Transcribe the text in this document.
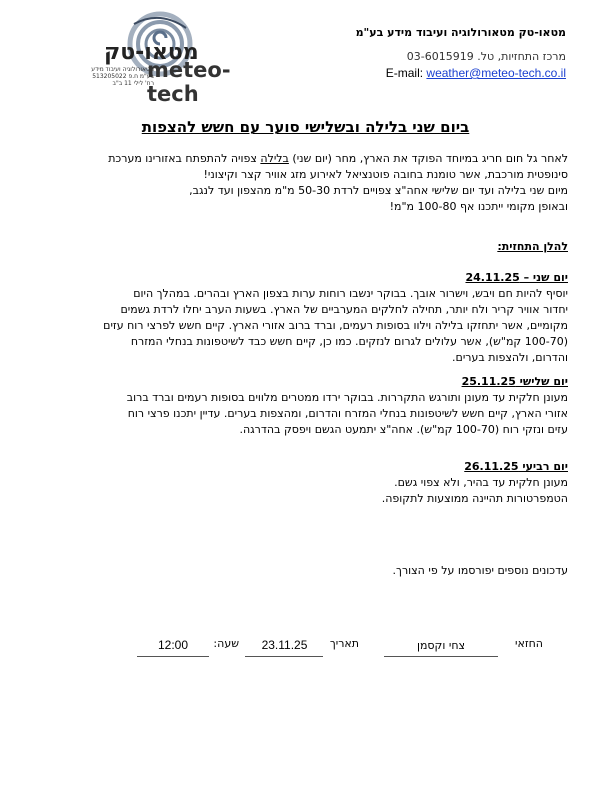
מטאו-טק
meteo-tech
מטאורולוגיה ועיבוד מידע בע"מ ח.פ 513205022 רח' לילי 11 ב"ב
מטאו-טק מטאורולוגיה ועיבוד מידע בע"מ
מרכז התחזיות, טל. 03-6015919
E-mail: weather@meteo-tech.co.il
ביום שני בלילה ובשלישי סוער עם חשש להצפות
לאחר גל חום חריג במיוחד הפוקד את הארץ, מחר (יום שני) בלילה צפויה להתפתח באזורינו מערכת
סינופטית מורכבת, אשר טומנת בחובה פוטנציאל לאירוע מזג אוויר קצר וקיצוני!
מיום שני בלילה ועד יום שלישי אחה"צ צפויים לרדת 50-30 מ"מ מהצפון ועד לנגב,
ובאופן מקומי ייתכנו אף 100-80 מ"מ!
להלן התחזית:
יום שני – 24.11.25
יוסיף להיות חם ויבש, וישרור אובך. בבוקר ינשבו רוחות ערות בצפון הארץ ובהרים. במהלך היום
יחדור אוויר קריר ולח יותר, תחילה לחלקים המערביים של הארץ. בשעות הערב יחלו לרדת גשמים
מקומיים, אשר יתחזקו בלילה וילוו בסופות רעמים, וברד ברוב אזורי הארץ. קיים חשש לפרצי רוח עזים
(100-70 קמ"ש), אשר עלולים לגרום לנזקים. כמו כן, קיים חשש כבד לשיטפונות בנחלי המזרח
והדרום, ולהצפות בערים.
יום שלישי 25.11.25
מעונן חלקית עד מעונן ותורגש התקררות. בבוקר ירדו ממטרים מלווים בסופות רעמים וברד ברוב
אזורי הארץ, קיים חשש לשיטפונות בנחלי המזרח והדרום, ומהצפות בערים. עדיין יתכנו פרצי רוח
עזים ונזקי רוח (100-70 קמ"ש). אחה"צ יתמעט הגשם ויפסק בהדרגה.
יום רביעי 26.11.25
מעונן חלקית עד בהיר, ולא צפוי גשם.
הטמפרטורות תהיינה ממוצעות לתקופה.
עדכונים נוספים יפורסמו על פי הצורך.
החזאי
צחי וקסמן
תאריך
23.11.25
שעה:
12:00
